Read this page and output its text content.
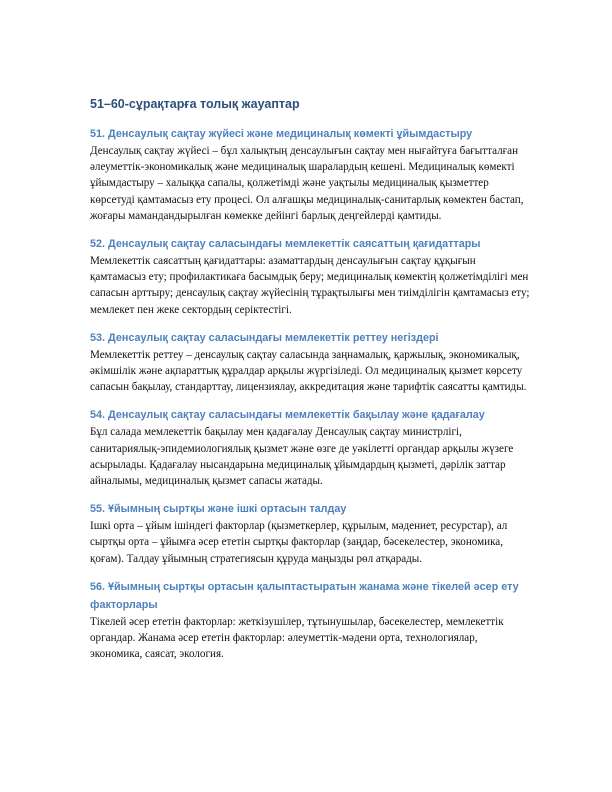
51–60-сұрақтарға толық жауаптар
51. Денсаулық сақтау жүйесі және медициналық көмекті ұйымдастыру
Денсаулық сақтау жүйесі – бұл халықтың денсаулығын сақтау мен нығайтуға бағытталған әлеуметтік-экономикалық және медициналық шаралардың кешені. Медициналық көмекті ұйымдастыру – халыққа сапалы, қолжетімді және уақтылы медициналық қызметтер көрсетуді қамтамасыз ету процесі. Ол алғашқы медициналық-санитарлық көмектен бастап, жоғары мамандандырылған көмекке дейінгі барлық деңгейлерді қамтиды.
52. Денсаулық сақтау саласындағы мемлекеттік саясаттың қағидаттары
Мемлекеттік саясаттың қағидаттары: азаматтардың денсаулығын сақтау құқығын қамтамасыз ету; профилактикаға басымдық беру; медициналық көмектің қолжетімділігі мен сапасын арттыру; денсаулық сақтау жүйесінің тұрақтылығы мен тиімділігін қамтамасыз ету; мемлекет пен жеке сектордың серіктестігі.
53. Денсаулық сақтау саласындағы мемлекеттік реттеу негіздері
Мемлекеттік реттеу – денсаулық сақтау саласында заңнамалық, қаржылық, экономикалық, әкімшілік және ақпараттық құралдар арқылы жүргізіледі. Ол медициналық қызмет көрсету сапасын бақылау, стандарттау, лицензиялау, аккредитация және тарифтік саясатты қамтиды.
54. Денсаулық сақтау саласындағы мемлекеттік бақылау және қадағалау
Бұл салада мемлекеттік бақылау мен қадағалау Денсаулық сақтау министрлігі, санитариялық-эпидемиологиялық қызмет және өзге де уәкілетті органдар арқылы жүзеге асырылады. Қадағалау нысандарына медициналық ұйымдардың қызметі, дәрілік заттар айналымы, медициналық қызмет сапасы жатады.
55. Ұйымның сыртқы және ішкі ортасын талдау
Ішкі орта – ұйым ішіндегі факторлар (қызметкерлер, құрылым, мәдениет, ресурстар), ал сыртқы орта – ұйымға әсер ететін сыртқы факторлар (заңдар, бәсекелестер, экономика, қоғам). Талдау ұйымның стратегиясын құруда маңызды рөл атқарады.
56. Ұйымның сыртқы ортасын қалыптастыратын жанама және тікелей әсер ету факторлары
Тікелей әсер ететін факторлар: жеткізушілер, тұтынушылар, бәсекелестер, мемлекеттік органдар. Жанама әсер ететін факторлар: әлеуметтік-мәдени орта, технологиялар, экономика, саясат, экология.
